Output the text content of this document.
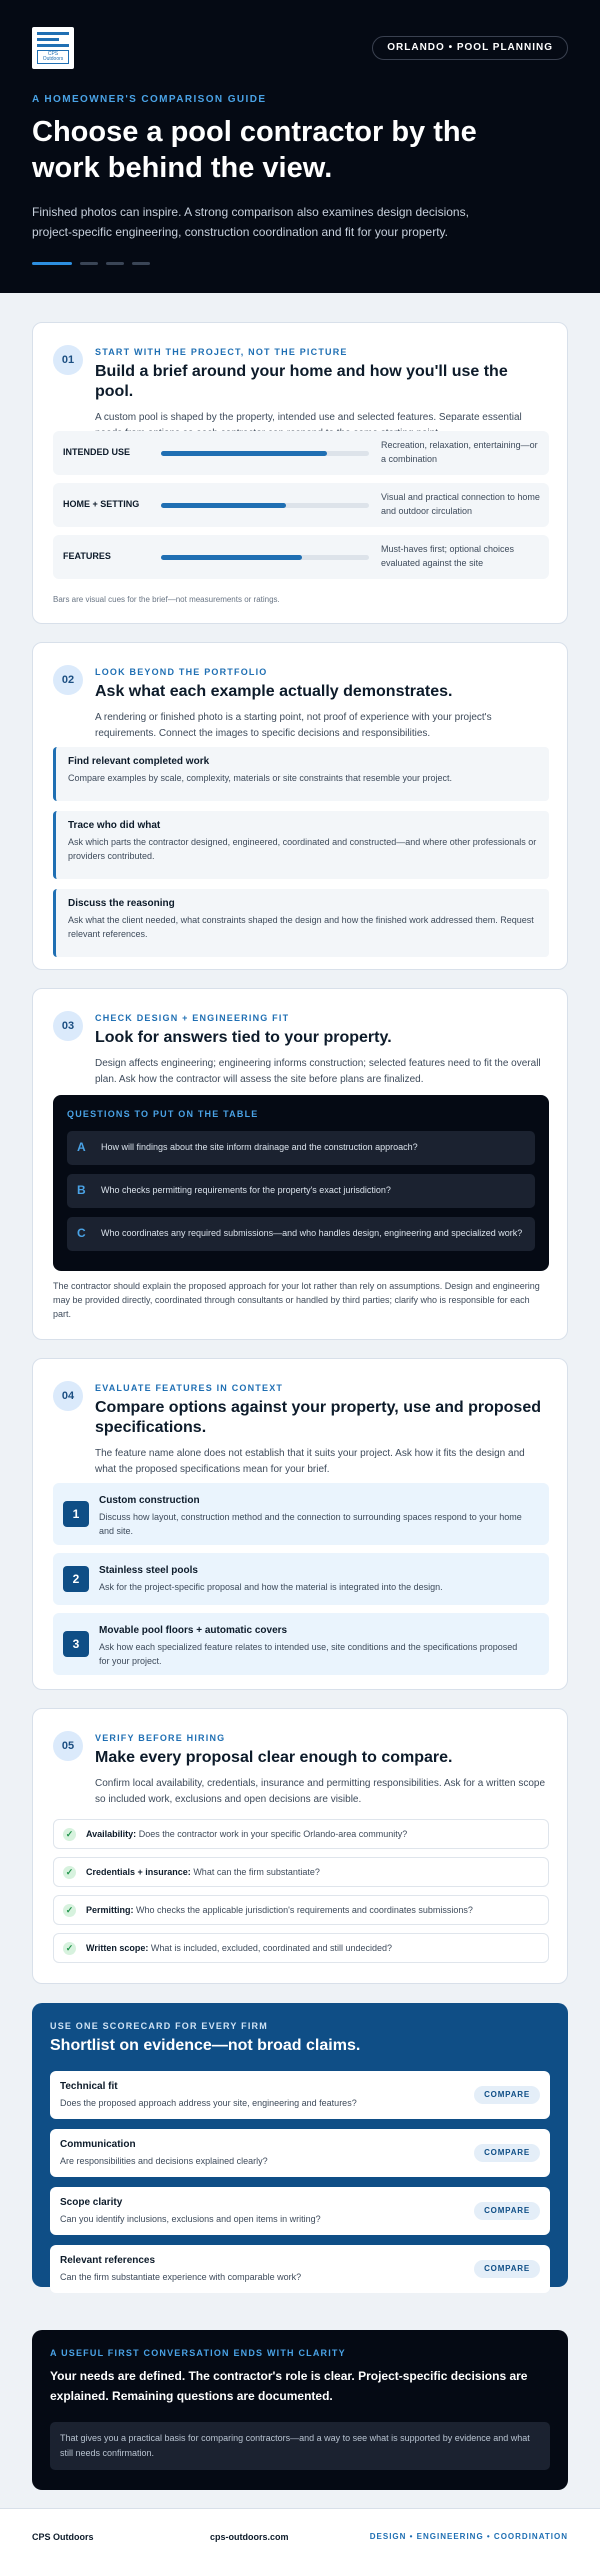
CPS Outdoors
ORLANDO • POOL PLANNING
A HOMEOWNER'S COMPARISON GUIDE
Choose a pool contractor by the work behind the view.
Finished photos can inspire. A strong comparison also examines design decisions, project-specific engineering, construction coordination and fit for your property.
01
START WITH THE PROJECT, NOT THE PICTURE
Build a brief around your home and how you'll use the pool.
A custom pool is shaped by the property, intended use and selected features. Separate essential
INTENDED USE
Recreation, relaxation, entertaining—or a combination
HOME + SETTING
Visual and practical connection to home and outdoor circulation
FEATURES
Must-haves first; optional choices evaluated against the site
Bars are visual cues for the brief—not measurements or ratings.
02
LOOK BEYOND THE PORTFOLIO
Ask what each example actually demonstrates.
A rendering or finished photo is a starting point, not proof of experience with your project's requirements. Connect the images to specific decisions and responsibilities.
Find relevant completed work

Compare examples by scale, complexity, materials or site constraints that resemble your project.

Trace who did what

Ask which parts the contractor designed, engineered, coordinated and constructed—and where other professionals or providers contributed.

Discuss the reasoning

Ask what the client needed, what constraints shaped the design and how the finished work addressed them. Request relevant references.

03
CHECK DESIGN + ENGINEERING FIT
Look for answers tied to your property.
Design affects engineering; engineering informs construction; selected features need to fit the overall plan. Ask how the contractor will assess the site before plans are finalized.
QUESTIONS TO PUT ON THE TABLE
A How will findings about the site inform drainage and the construction approach?
B Who checks permitting requirements for the property's exact jurisdiction?
C Who coordinates any required submissions—and who handles design, engineering and specialized work?
The contractor should explain the proposed approach for your lot rather than rely on assumptions. Design and engineering may be provided directly, coordinated through consultants or handled by third parties; clarify who is responsible for each part.
04
EVALUATE FEATURES IN CONTEXT
Compare options against your property, use and proposed specifications.
The feature name alone does not establish that it suits your project. Ask how it fits the design and what the proposed specifications mean for your brief.
1
Custom construction

Discuss how layout, construction method and the connection to surrounding spaces respond to your home and site.

2
Stainless steel pools

Ask for the project-specific proposal and how the material is integrated into the design.

3
Movable pool floors + automatic covers

Ask how each specialized feature relates to intended use, site conditions and the specifications proposed for your project.

05
VERIFY BEFORE HIRING
Make every proposal clear enough to compare.
Confirm local availability, credentials, insurance and permitting responsibilities. Ask for a written scope so included work, exclusions and open decisions are visible.
✓	Availability: Does the contractor work in your specific Orlando-area community?
✓	Credentials + insurance: What can the firm substantiate?
✓	Permitting: Who checks the applicable jurisdiction's requirements and coordinates submissions?
✓	Written scope: What is included, excluded, coordinated and still undecided?
USE ONE SCORECARD FOR EVERY FIRM
Shortlist on evidence—not broad claims.
Technical fit

Does the proposed approach address your site, engineering and features?

COMPARE
Communication

Are responsibilities and decisions explained clearly?

COMPARE
Scope clarity

Can you identify inclusions, exclusions and open items in writing?

COMPARE
Relevant references

Can the firm substantiate experience with comparable work?

COMPARE
A USEFUL FIRST CONVERSATION ENDS WITH CLARITY
Your needs are defined. The contractor's role is clear. Project-specific decisions are explained. Remaining questions are documented.
That gives you a practical basis for comparing contractors—and a way to see what is supported by evidence and what still needs confirmation.
CPS Outdoors	cps-outdoors.com	DESIGN • ENGINEERING • COORDINATION
